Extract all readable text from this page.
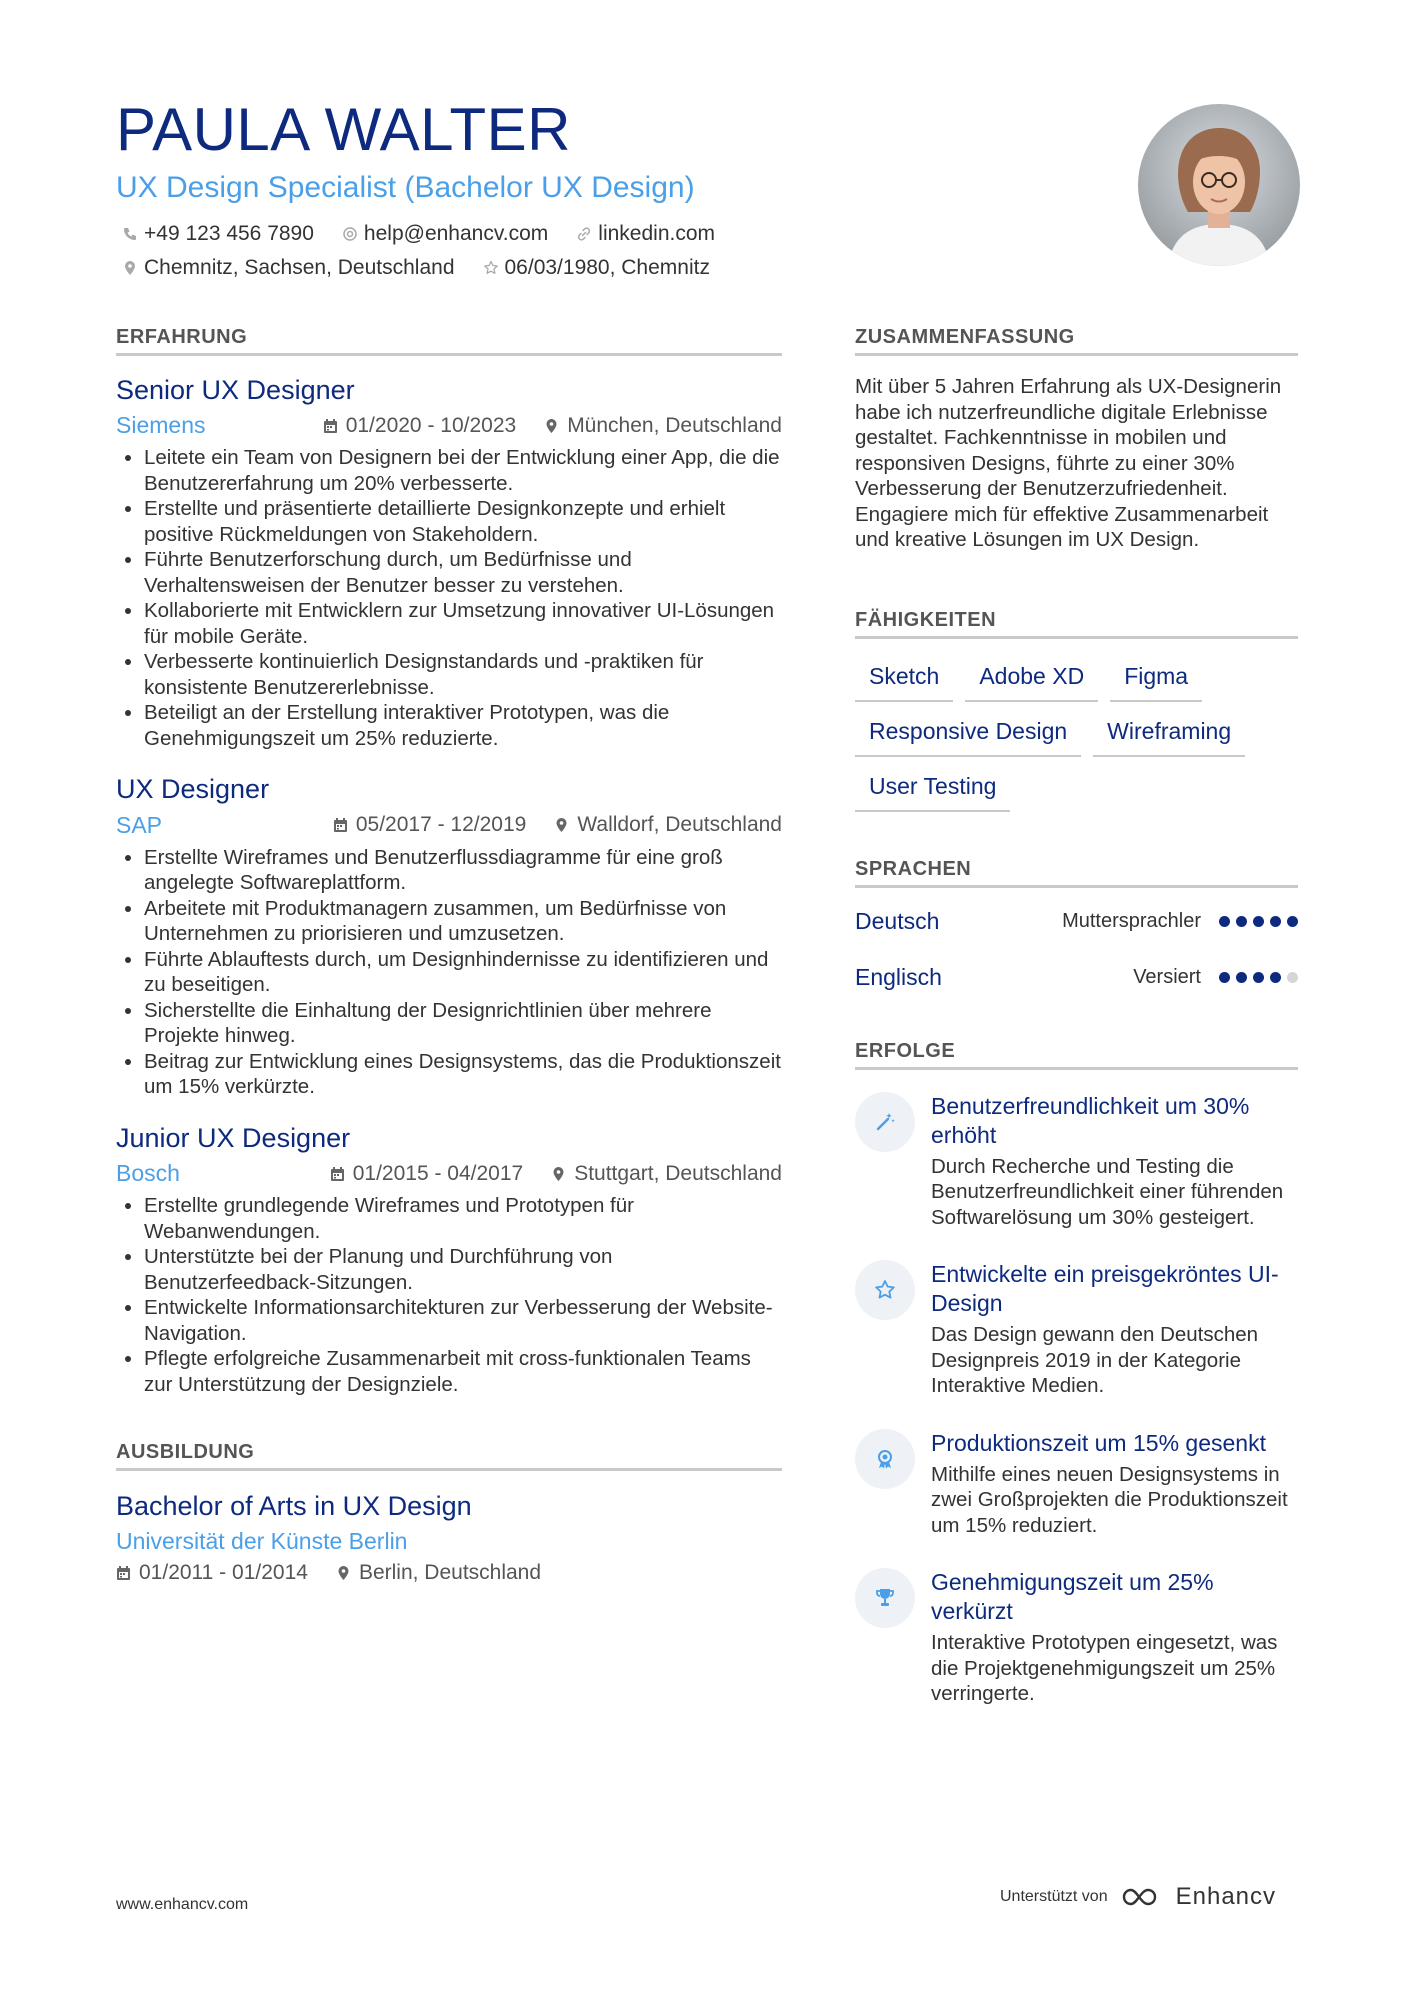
PAULA WALTER
UX Design Specialist (Bachelor UX Design)
+49 123 456 7890 help@enhancv.com linkedin.com
Chemnitz, Sachsen, Deutschland 06/03/1980, Chemnitz
ERFAHRUNG
Senior UX Designer
Siemens	01/2020 - 10/2023 München, Deutschland
• Leitete ein Team von Designern bei der Entwicklung einer App, die die Benutzererfahrung um 20% verbesserte.
• Erstellte und präsentierte detaillierte Designkonzepte und erhielt positive Rückmeldungen von Stakeholdern.
• Führte Benutzerforschung durch, um Bedürfnisse und Verhaltensweisen der Benutzer besser zu verstehen.
• Kollaborierte mit Entwicklern zur Umsetzung innovativer UI-Lösungen für mobile Geräte.
• Verbesserte kontinuierlich Designstandards und -praktiken für konsistente Benutzererlebnisse.
• Beteiligt an der Erstellung interaktiver Prototypen, was die Genehmigungszeit um 25% reduzierte.
UX Designer
SAP	05/2017 - 12/2019 Walldorf, Deutschland
• Erstellte Wireframes und Benutzerflussdiagramme für eine groß angelegte Softwareplattform.
• Arbeitete mit Produktmanagern zusammen, um Bedürfnisse von Unternehmen zu priorisieren und umzusetzen.
• Führte Ablauftests durch, um Designhindernisse zu identifizieren und zu beseitigen.
• Sicherstellte die Einhaltung der Designrichtlinien über mehrere Projekte hinweg.
• Beitrag zur Entwicklung eines Designsystems, das die Produktionszeit um 15% verkürzte.
Junior UX Designer
Bosch	01/2015 - 04/2017 Stuttgart, Deutschland
• Erstellte grundlegende Wireframes und Prototypen für Webanwendungen.
• Unterstützte bei der Planung und Durchführung von Benutzerfeedback-Sitzungen.
• Entwickelte Informationsarchitekturen zur Verbesserung der Website-Navigation.
• Pflegte erfolgreiche Zusammenarbeit mit cross-funktionalen Teams zur Unterstützung der Designziele.
AUSBILDUNG
Bachelor of Arts in UX Design
Universität der Künste Berlin
01/2011 - 01/2014 Berlin, Deutschland
ZUSAMMENFASSUNG

Mit über 5 Jahren Erfahrung als UX-Designerin habe ich nutzerfreundliche digitale Erlebnisse gestaltet. Fachkenntnisse in mobilen und responsiven Designs, führte zu einer 30% Verbesserung der Benutzerzufriedenheit. Engagiere mich für effektive Zusammenarbeit und kreative Lösungen im UX Design.

FÄHIGKEITEN
Sketch	Adobe XD	Figma
Responsive Design	Wireframing
User Testing
SPRACHEN
Deutsch	Muttersprachler
Englisch	Versiert
ERFOLGE
Benutzerfreundlichkeit um 30% erhöht
Durch Recherche und Testing die Benutzerfreundlichkeit einer führenden Softwarelösung um 30% gesteigert.
Entwickelte ein preisgekröntes UI-Design
Das Design gewann den Deutschen Designpreis 2019 in der Kategorie Interaktive Medien.
Produktionszeit um 15% gesenkt
Mithilfe eines neuen Designsystems in zwei Großprojekten die Produktionszeit um 15% reduziert.
Genehmigungszeit um 25% verkürzt
Interaktive Prototypen eingesetzt, was die Projektgenehmigungszeit um 25% verringerte.
www.enhancv.com	Unterstützt von	Enhancv
